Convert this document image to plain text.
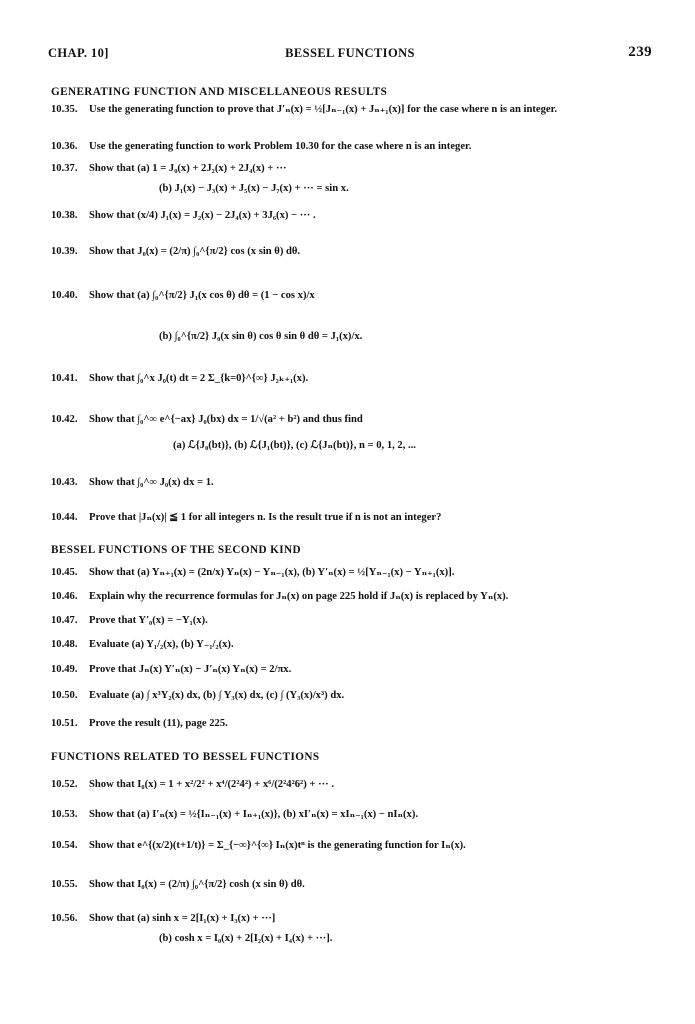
CHAP. 10]	BESSEL FUNCTIONS	239
GENERATING FUNCTION AND MISCELLANEOUS RESULTS
10.35. Use the generating function to prove that J′ₙ(x) = ½[Jₙ₋₁(x) + Jₙ₊₁(x)] for the case where n is an integer.
10.36. Use the generating function to work Problem 10.30 for the case where n is an integer.
10.37. Show that (a) 1 = J₀(x) + 2J₂(x) + 2J₄(x) + ···
(b) J₁(x) − J₃(x) + J₅(x) − J₇(x) + ··· = sin x.
10.38. Show that (x/4) J₁(x) = J₂(x) − 2J₄(x) + 3J₆(x) − ··· .
10.39. Show that J₀(x) = (2/π) ∫₀^{π/2} cos (x sin θ) dθ.
10.40. Show that (a) ∫₀^{π/2} J₁(x cos θ) dθ = (1 − cos x)/x
(b) ∫₀^{π/2} J₀(x sin θ) cos θ sin θ dθ = J₁(x)/x.
10.41. Show that ∫₀^x J₀(t) dt = 2 Σ_{k=0}^{∞} J₂ₖ₊₁(x).
10.42. Show that ∫₀^∞ e^{−ax} J₀(bx) dx = 1/√(a² + b²) and thus find
(a) ℒ{J₀(bt)}, (b) ℒ{J₁(bt)}, (c) ℒ{Jₙ(bt)}, n = 0, 1, 2, ...
10.43. Show that ∫₀^∞ J₀(x) dx = 1.
10.44. Prove that |Jₙ(x)| ≦ 1 for all integers n. Is the result true if n is not an integer?
BESSEL FUNCTIONS OF THE SECOND KIND
10.45. Show that (a) Yₙ₊₁(x) = (2n/x) Yₙ(x) − Yₙ₋₁(x), (b) Y′ₙ(x) = ½[Yₙ₋₁(x) − Yₙ₊₁(x)].
10.46. Explain why the recurrence formulas for Jₙ(x) on page 225 hold if Jₙ(x) is replaced by Yₙ(x).
10.47. Prove that Y′₀(x) = −Y₁(x).
10.48. Evaluate (a) Y₁/₂(x), (b) Y₋₁/₂(x).
10.49. Prove that Jₙ(x) Y′ₙ(x) − J′ₙ(x) Yₙ(x) = 2/πx.
10.50. Evaluate (a) ∫ x³Y₂(x) dx, (b) ∫ Y₃(x) dx, (c) ∫ (Y₃(x)/x³) dx.
10.51. Prove the result (11), page 225.
FUNCTIONS RELATED TO BESSEL FUNCTIONS
10.52. Show that I₀(x) = 1 + x²/2² + x⁴/(2²4²) + x⁶/(2²4²6²) + ··· .
10.53. Show that (a) I′ₙ(x) = ½{Iₙ₋₁(x) + Iₙ₊₁(x)}, (b) xI′ₙ(x) = xIₙ₋₁(x) − nIₙ(x).
10.54. Show that e^{(x/2)(t+1/t)} = Σ_{−∞}^{∞} Iₙ(x)tⁿ is the generating function for Iₙ(x).
10.55. Show that I₀(x) = (2/π) ∫₀^{π/2} cosh (x sin θ) dθ.
10.56. Show that (a) sinh x = 2[I₁(x) + I₃(x) + ···]
(b) cosh x = I₀(x) + 2[I₂(x) + I₄(x) + ···].
